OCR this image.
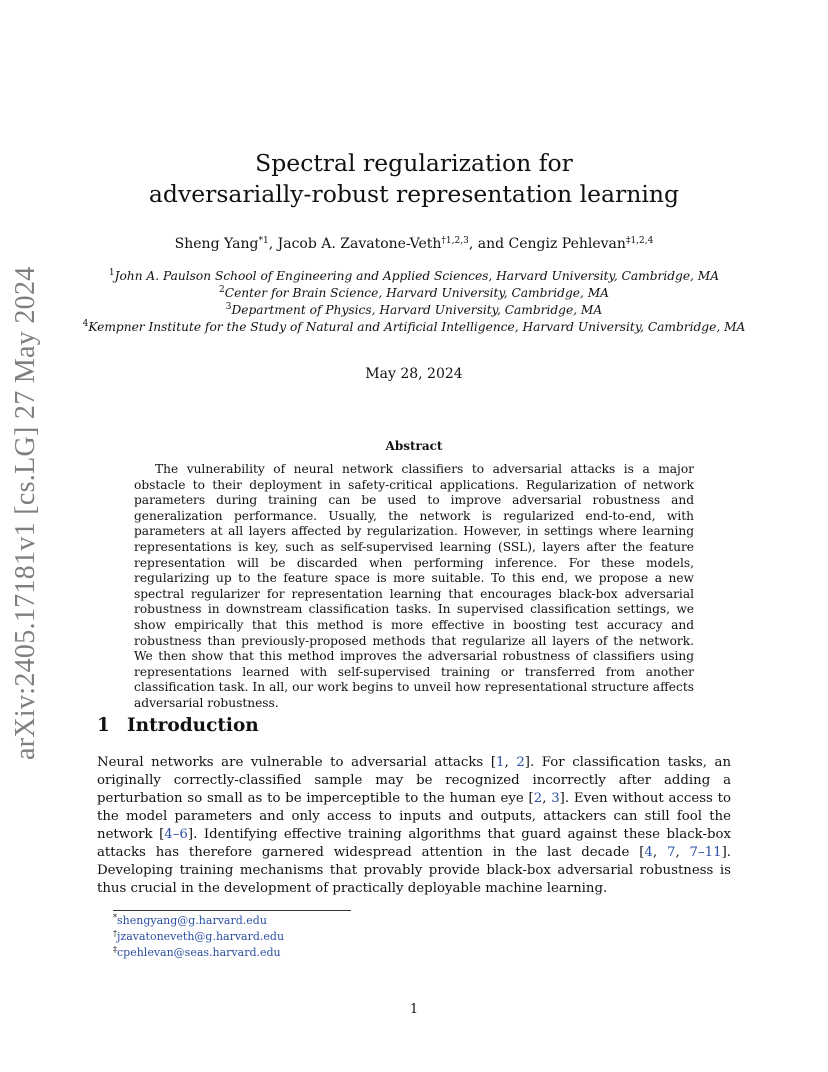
arXiv:2405.17181v1 [cs.LG] 27 May 2024
Spectral regularization for
adversarially-robust representation learning
Sheng Yang$^{*1}$, Jacob A. Zavatone-Veth$^{\dagger 1,2,3}$, and Cengiz Pehlevan$^{\ddagger 1,2,4}$
$^1$John A. Paulson School of Engineering and Applied Sciences, Harvard University, Cambridge, MA
$^2$Center for Brain Science, Harvard University, Cambridge, MA
$^3$Department of Physics, Harvard University, Cambridge, MA
$^4$Kempner Institute for the Study of Natural and Artificial Intelligence, Harvard University, Cambridge, MA
May 28, 2024
Abstract
The vulnerability of neural network classifiers to adversarial attacks is a major obstacle to their deployment in safety-critical applications. Regularization of network parameters during training can be used to improve adversarial robustness and generalization performance. Usually, the network is regularized end-to-end, with parameters at all layers affected by regularization. However, in settings where learning representations is key, such as self-supervised learning (SSL), layers after the feature representation will be discarded when performing inference. For these models, regularizing up to the feature space is more suitable. To this end, we propose a new spectral regularizer for representation learning that encourages black-box adversarial robustness in downstream classification tasks. In supervised classification settings, we show empirically that this method is more effective in boosting test accuracy and robustness than previously-proposed methods that regularize all layers of the network. We then show that this method improves the adversarial robustness of classifiers using representations learned with self-supervised training or transferred from another classification task. In all, our work begins to unveil how representational structure affects adversarial robustness.
1 Introduction
Neural networks are vulnerable to adversarial attacks [1, 2]. For classification tasks, an originally correctly-classified sample may be recognized incorrectly after adding a perturbation so small as to be imperceptible to the human eye [2, 3]. Even without access to the model parameters and only access to inputs and outputs, attackers can still fool the network [4–6]. Identifying effective training algorithms that guard against these black-box attacks has therefore garnered widespread attention in the last decade [4, 7, 7–11]. Developing training mechanisms that provably provide black-box adversarial robustness is thus crucial in the development of practically deployable machine learning.
*shengyang@g.harvard.edu
†jzavatoneveth@g.harvard.edu
‡cpehlevan@seas.harvard.edu
1
